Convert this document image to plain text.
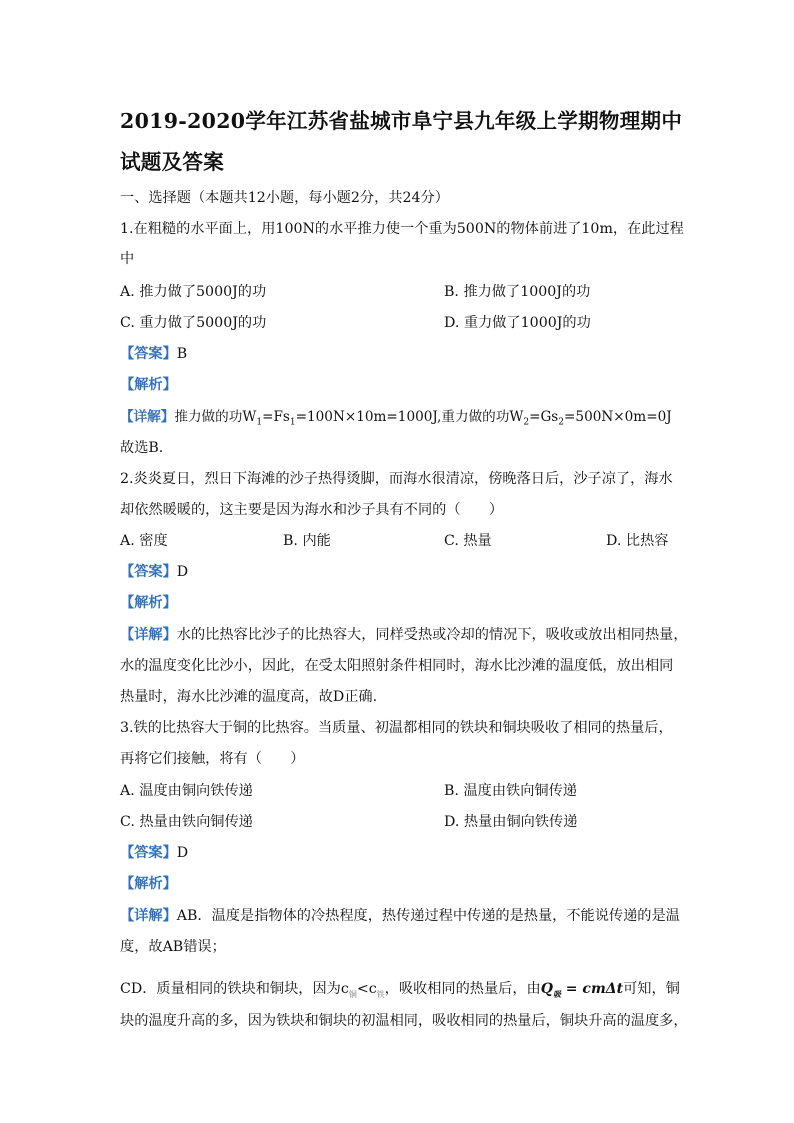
2019-2020学年江苏省盐城市阜宁县九年级上学期物理期中
试题及答案
一、选择题（本题共12小题，每小题2分，共24分）
1.在粗糙的水平面上，用100N的水平推力使一个重为500N的物体前进了10m，在此过程
中
A. 推力做了5000J的功	B. 推力做了1000J的功
C. 重力做了5000J的功	D. 重力做了1000J的功
【答案】B
【解析】
【详解】推力做的功$W_1=Fs_1=100N\times 10m=1000J$,重力做的功$W_2=Gs_2=500N\times 0m=0J$
故选B.
2.炎炎夏日，烈日下海滩的沙子热得烫脚，而海水很清凉，傍晚落日后，沙子凉了，海水
却依然暖暖的，这主要是因为海水和沙子具有不同的（　　）
A. 密度	B. 内能	C. 热量	D. 比热容
【答案】D
【解析】
【详解】水的比热容比沙子的比热容大，同样受热或冷却的情况下，吸收或放出相同热量，
水的温度变化比沙小，因此，在受太阳照射条件相同时，海水比沙滩的温度低，放出相同
热量时，海水比沙滩的温度高，故D正确.
3.铁的比热容大于铜的比热容。当质量、初温都相同的铁块和铜块吸收了相同的热量后，
再将它们接触，将有（　　）
A. 温度由铜向铁传递	B. 温度由铁向铜传递
C. 热量由铁向铜传递	D. 热量由铜向铁传递
【答案】D
【解析】
【详解】AB．温度是指物体的冷热程度，热传递过程中传递的是热量，不能说传递的是温
度，故AB错误；
CD．质量相同的铁块和铜块，因为$c_铜<c_铁$，吸收相同的热量后，由$Q_吸 = cm\Delta t$可知，铜
块的温度升高的多，因为铁块和铜块的初温相同，吸收相同的热量后，铜块升高的温度多，
